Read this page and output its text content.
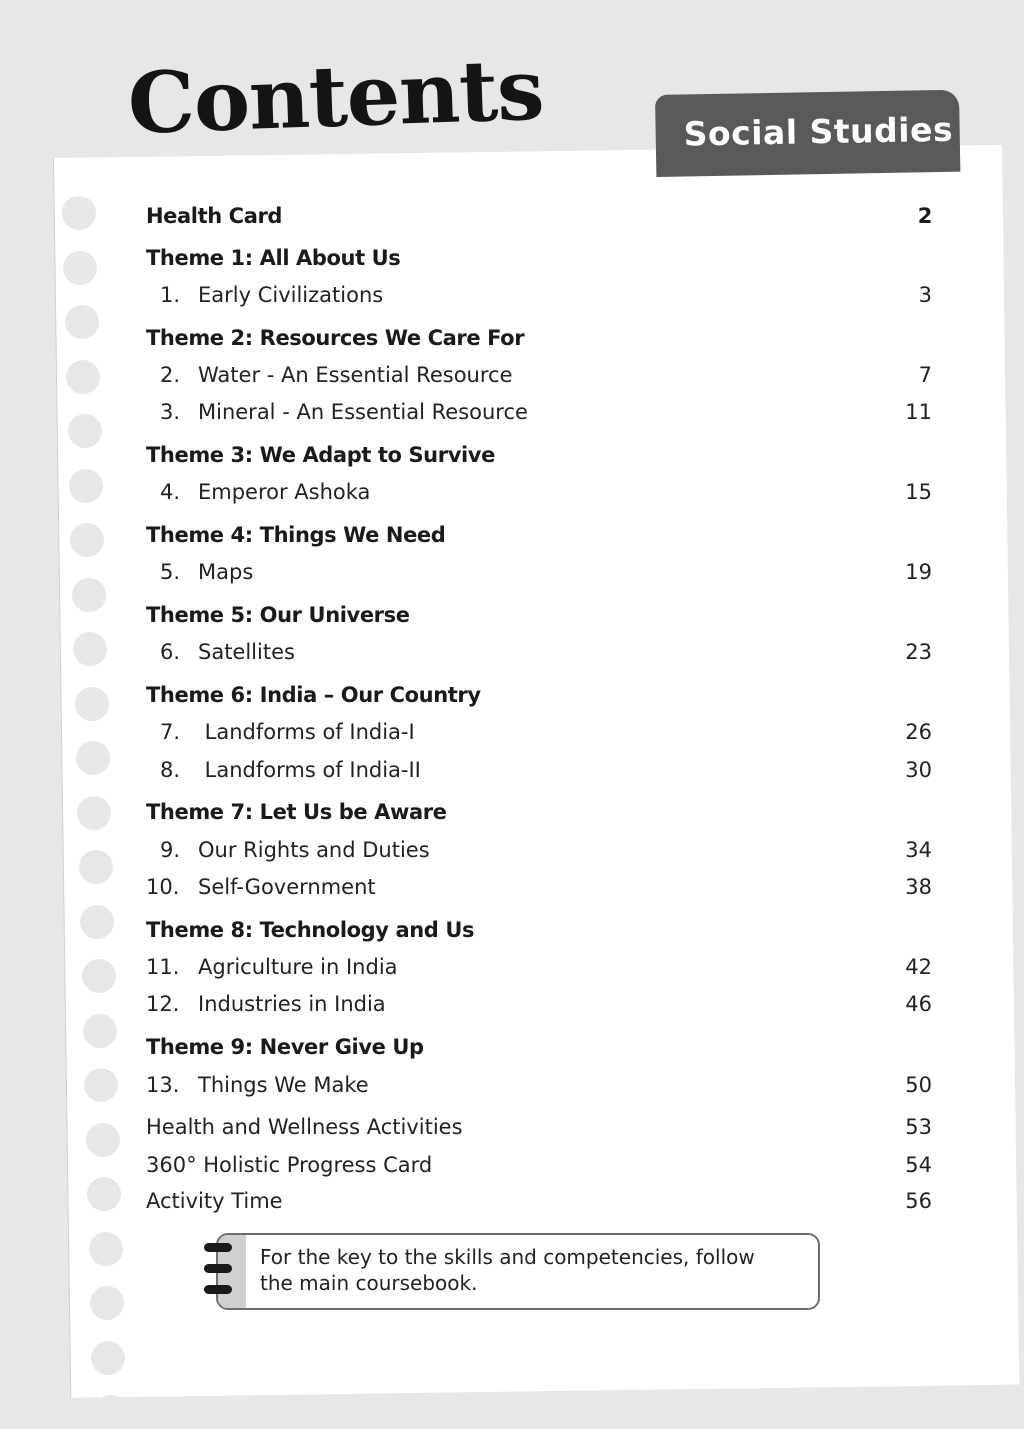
Contents	Social Studies
Health Card	2
Theme 1: All About Us
1. Early Civilizations	3
Theme 2: Resources We Care For
2. Water - An Essential Resource	7
3. Mineral - An Essential Resource	11
Theme 3: We Adapt to Survive
4. Emperor Ashoka	15
Theme 4: Things We Need
5. Maps	19
Theme 5: Our Universe
6. Satellites	23
Theme 6: India – Our Country
7. Landforms of India-I	26
8. Landforms of India-II	30
Theme 7: Let Us be Aware
9. Our Rights and Duties	34
10. Self-Government	38
Theme 8: Technology and Us
11. Agriculture in India	42
12. Industries in India	46
Theme 9: Never Give Up
13. Things We Make	50
Health and Wellness Activities	53
360° Holistic Progress Card	54
Activity Time	56
For the key to the skills and competencies, follow
the main coursebook.
